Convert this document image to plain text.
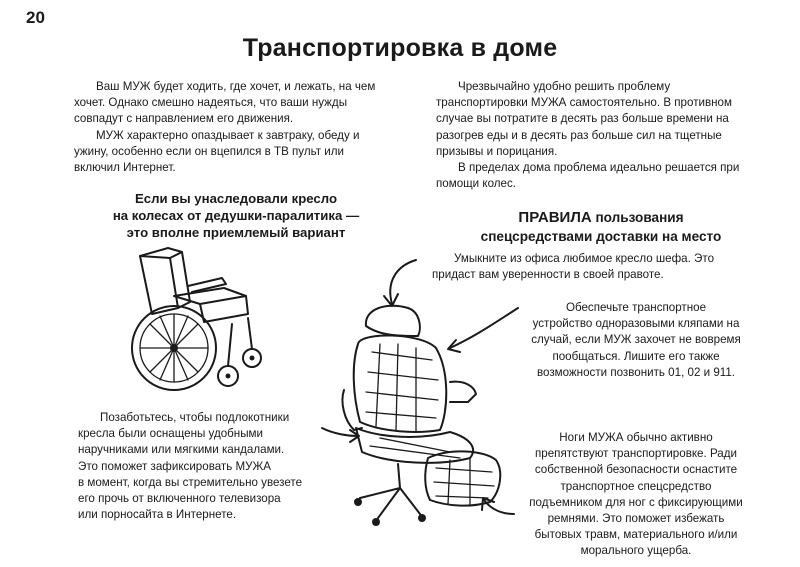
20
Транспортировка в доме

Ваш МУЖ будет ходить, где хочет, и лежать, на чем
хочет. Однако смешно надеяться, что ваши нужды
совпадут с направлением его движения.

МУЖ характерно опаздывает к завтраку, обеду и
ужину, особенно если он вцепился в ТВ пульт или
включил Интернет.

Чрезвычайно удобно решить проблему
транспортировки МУЖА самостоятельно. В противном
случае вы потратите в десять раз больше времени на
разогрев еды и в десять раз больше сил на тщетные
призывы и порицания.

В пределах дома проблема идеально решается при
помощи колес.

Если вы унаследовали кресло
на колесах от дедушки-паралитика —
это вполне приемлемый вариант
ПРАВИЛА пользования
спецсредствами доставки на место

Умыкните из офиса любимое кресло шефа. Это
придаст вам уверенности в своей правоте.

Обеспечьте транспортное
устройство одноразовыми кляпами на
случай, если МУЖ захочет не вовремя
пообщаться. Лишите его также
возможности позвонить 01, 02 и 911.

Позаботьтесь, чтобы подлокотники
кресла были оснащены удобными
наручниками или мягкими кандалами.
Это поможет зафиксировать МУЖА
в момент, когда вы стремительно увезете
его прочь от включенного телевизора
или порносайта в Интернете.

Ноги МУЖА обычно активно
препятствуют транспортировке. Ради
собственной безопасности оснастите
транспортное спецсредство
подъемником для ног с фиксирующими
ремнями. Это поможет избежать
бытовых травм, материального и/или
морального ущерба.
